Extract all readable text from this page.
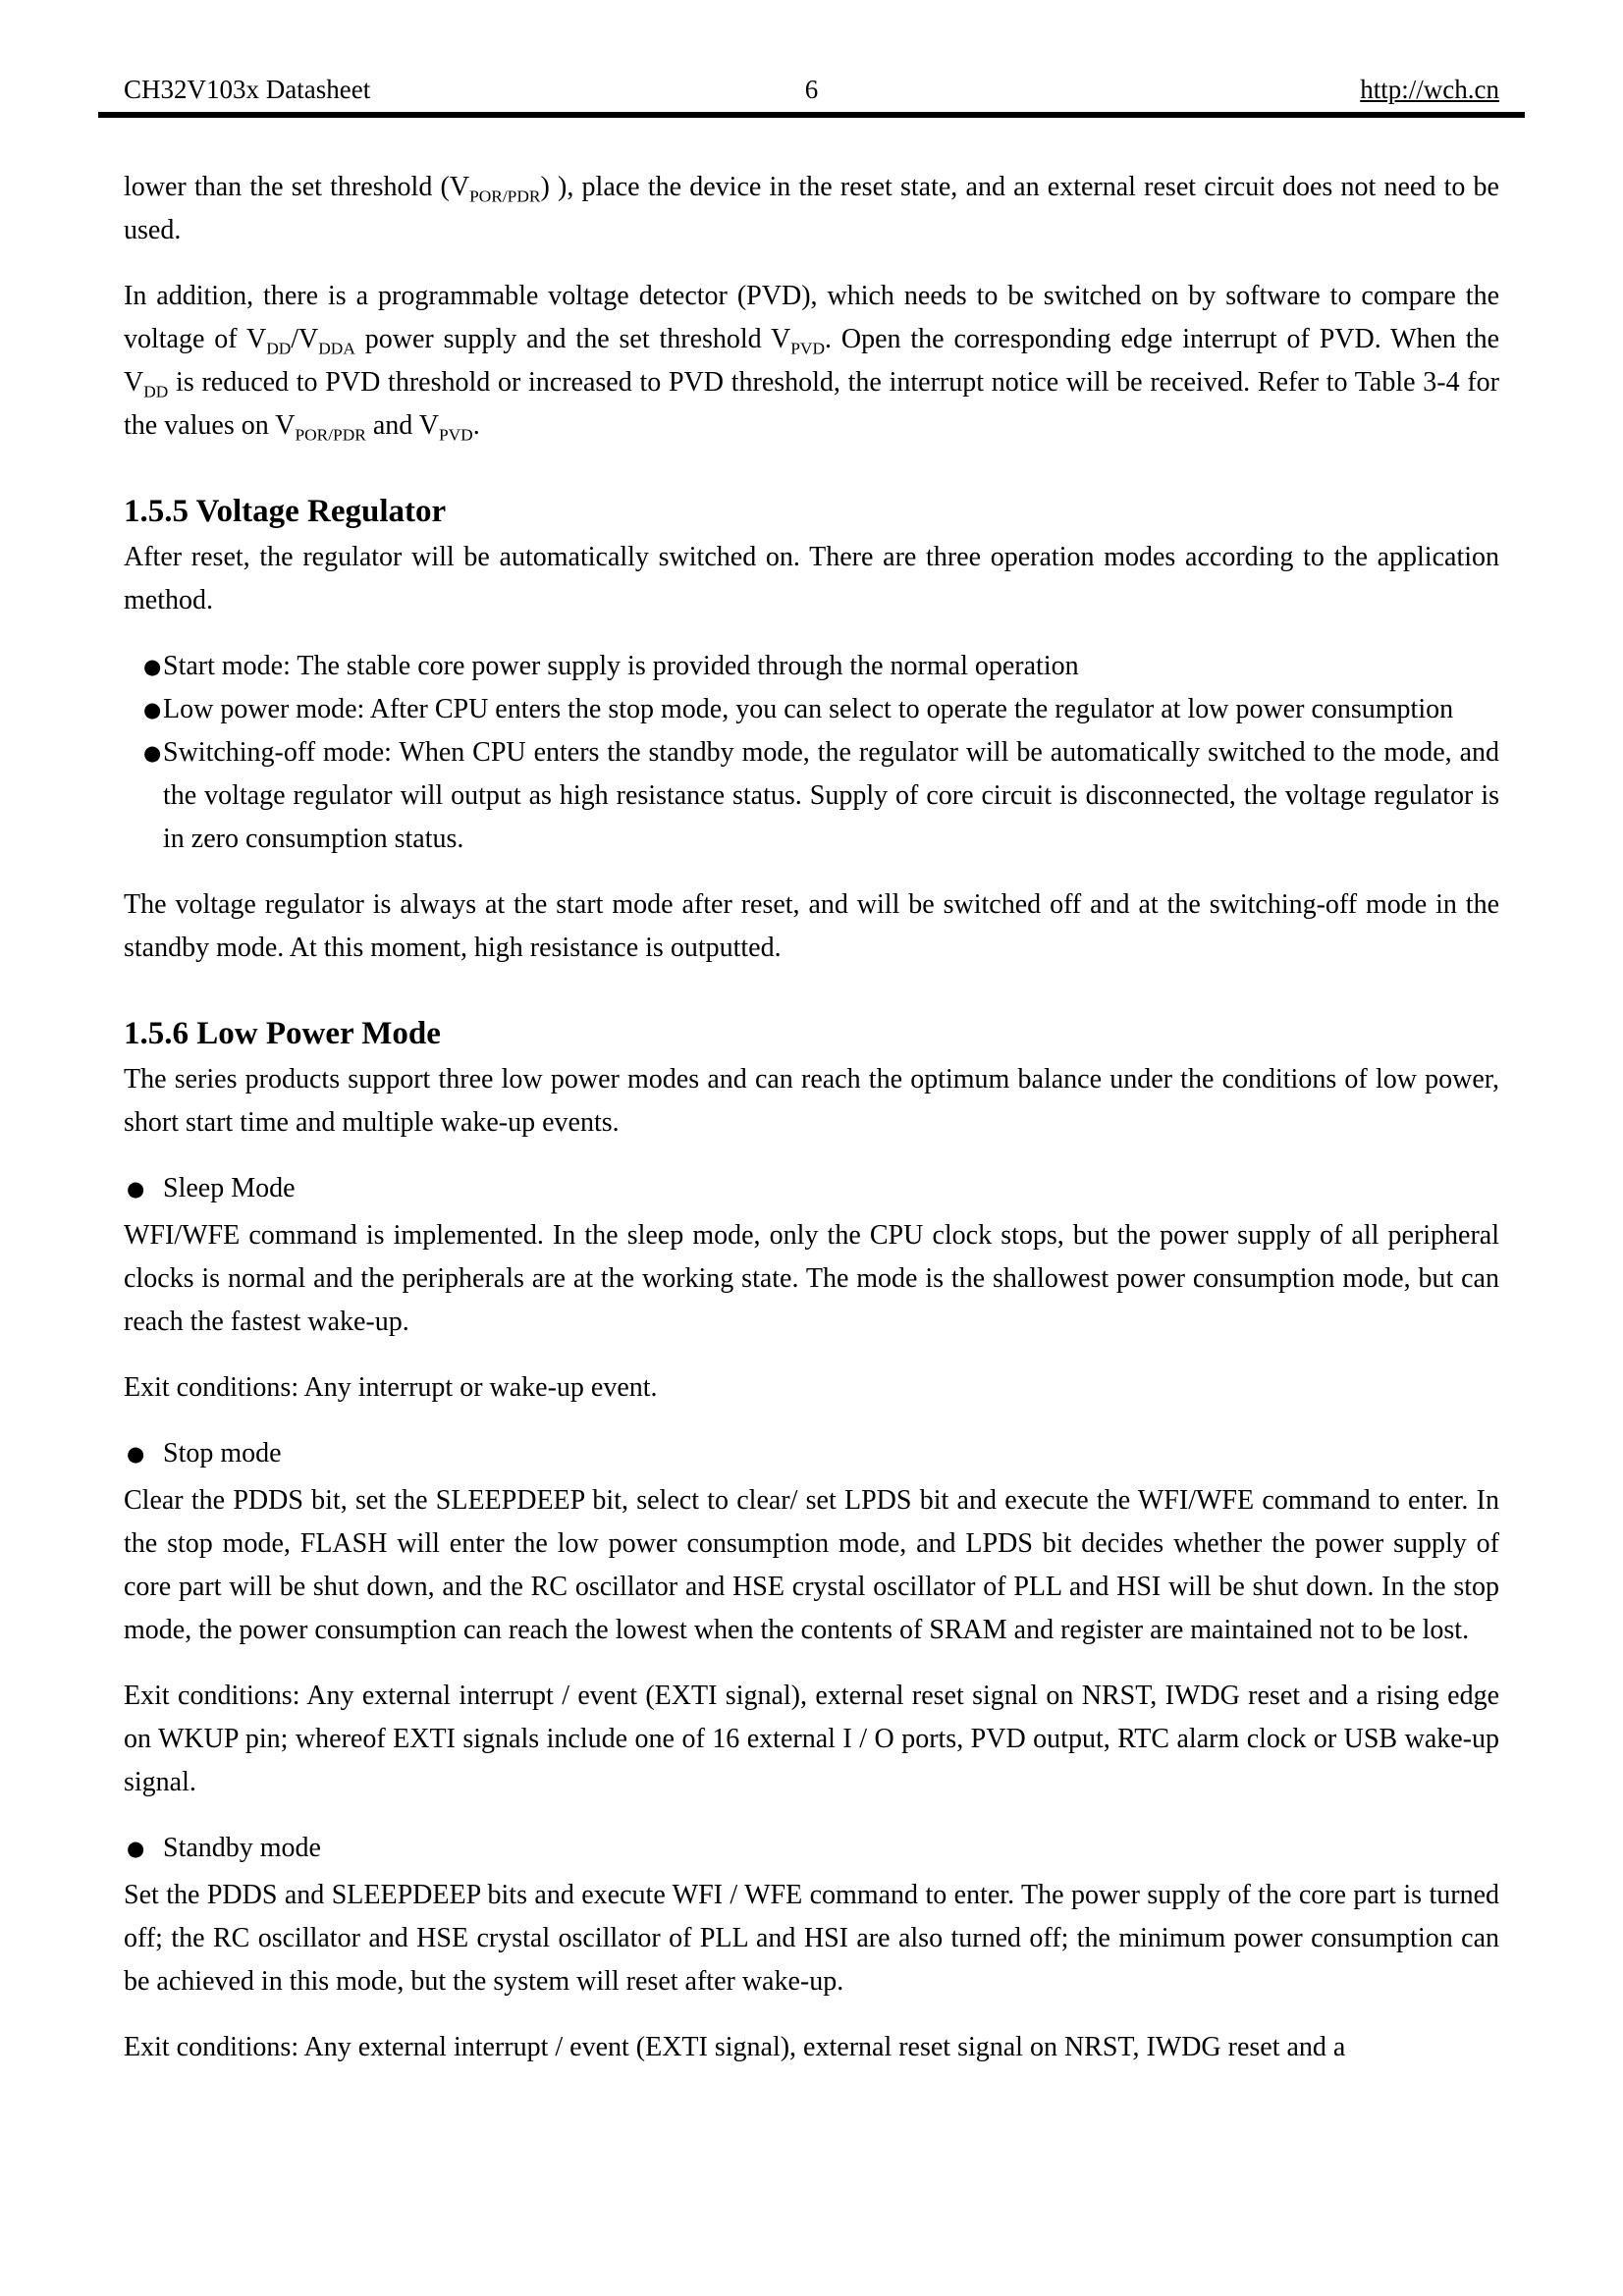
CH32V103x Datasheet	6	http://wch.cn

lower than the set threshold $(V_{POR/PDR})$ ), place the device in the reset state, and an external reset circuit does not need to be used.

In addition, there is a programmable voltage detector (PVD), which needs to be switched on by software to compare the voltage of $V_{DD}/V_{DDA}$ power supply and the set threshold $V_{PVD}$. Open the corresponding edge interrupt of PVD. When the $V_{DD}$ is reduced to PVD threshold or increased to PVD threshold, the interrupt notice will be received. Refer to Table 3-4 for the values on $V_{POR/PDR}$ and $V_{PVD}$.

1.5.5 Voltage Regulator

After reset, the regulator will be automatically switched on. There are three operation modes according to the application method.

● Start mode: The stable core power supply is provided through the normal operation
● Low power mode: After CPU enters the stop mode, you can select to operate the regulator at low power consumption
● Switching-off mode: When CPU enters the standby mode, the regulator will be automatically switched to the mode, and the voltage regulator will output as high resistance status. Supply of core circuit is disconnected, the voltage regulator is in zero consumption status.

The voltage regulator is always at the start mode after reset, and will be switched off and at the switching-off mode in the standby mode. At this moment, high resistance is outputted.

1.5.6 Low Power Mode

The series products support three low power modes and can reach the optimum balance under the conditions of low power, short start time and multiple wake-up events.

● Sleep Mode

WFI/WFE command is implemented. In the sleep mode, only the CPU clock stops, but the power supply of all peripheral clocks is normal and the peripherals are at the working state. The mode is the shallowest power consumption mode, but can reach the fastest wake-up.

Exit conditions: Any interrupt or wake-up event.

● Stop mode

Clear the PDDS bit, set the SLEEPDEEP bit, select to clear/ set LPDS bit and execute the WFI/WFE command to enter. In the stop mode, FLASH will enter the low power consumption mode, and LPDS bit decides whether the power supply of core part will be shut down, and the RC oscillator and HSE crystal oscillator of PLL and HSI will be shut down. In the stop mode, the power consumption can reach the lowest when the contents of SRAM and register are maintained not to be lost.

Exit conditions: Any external interrupt / event (EXTI signal), external reset signal on NRST, IWDG reset and a rising edge on WKUP pin; whereof EXTI signals include one of 16 external I / O ports, PVD output, RTC alarm clock or USB wake-up signal.

● Standby mode

Set the PDDS and SLEEPDEEP bits and execute WFI / WFE command to enter. The power supply of the core part is turned off; the RC oscillator and HSE crystal oscillator of PLL and HSI are also turned off; the minimum power consumption can be achieved in this mode, but the system will reset after wake-up.

Exit conditions: Any external interrupt / event (EXTI signal), external reset signal on NRST, IWDG reset and a
